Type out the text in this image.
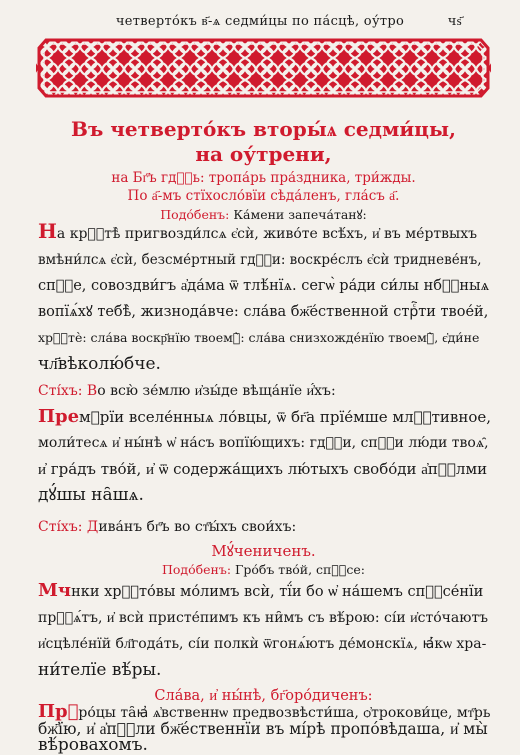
четверто́къ в҃-ѧ седми́цы по па́сцѣ, оу́тро	чѕ҃
Въ четверто́къ вторы́ѧ седми́цы,
на оу́трени,
на Бг҃ъ гдⷭ҇ь: тропа́рь пра́здника, три́жды.
По а҃-мъ стїхосло́вїи сѣда́ленъ, гла́съ а҃.
Подо́бенъ: Ка́мени запеча́танꙋ:
На крⷭ҇тѣ̀ пригвозди́лсѧ є҆сѝ, живо́те всѣ́хъ, и҆ въ ме́ртвыхъ
вмѣни́лсѧ є҆сѝ, безсме́ртный гдⷭ҇и: воскре́слъ є҆сѝ тридневе́нъ,
спⷭ҇е, совоздви́гъ а҆да́ма ѿ тлѣ́нїѧ. сегѡ̀ ра́ди си́лы нбⷭ҇ныѧ
вопїѧ́хꙋ тебѣ̀, жизнода́вче: сла́ва бж҃е́ственной стрⷭ҇ти твое́й,
хрⷭ҇тѐ: сла́ва воскр҃нїю твоемꙋ̀: сла́ва снизхожде́нїю твоемꙋ̀, є҆ди́не
чл҃вѣколю́бче.
Сті́хъ: Во всю̀ зе́млю и҆зы́де вѣща́нїе и҆́хъ:
Премⷣрїи вселе́нныѧ ло́вцы, ѿ бг҃а прїе́мше млⷭ҇тивное,
моли́тесѧ и҆ ны́нѣ ѡ҆ на́съ вопїю́щихъ: гдⷭ҇и, спⷭ҇и лю́ди твоѧ̑,
и҆ гра́дъ тво́й, и҆ ѿ содержа́щихъ лю́тыхъ свобо́ди а҆пⷭ҇лми
дꙋ́шы на̑шѧ.
Сті́хъ: Дива́нъ бг҃ъ во ст҃ы́хъ свои́хъ:
Мꙋ́чениченъ.
Подо́бенъ: Гро́бъ тво́й, спⷭ҇се:
Мчнки хрⷭ҇то́вы мо́лимъ всѝ, тї́и бо ѡ҆ на́шемъ спⷭ҇се́нїи
прⷭ҇ѧ́тъ, и҆ всѝ присте́пимъ къ ни̑мъ съ вѣ́рою: сі́и и҆сто́чаютъ
и҆сцѣле́нїй бл҃года́ть, сі́и полкѝ ѿгонѧ́ютъ де́монскїѧ, ꙗ҆́кѡ хра-
ни́телїе вѣ́ры.
Сла́ва, и҆ ны́нѣ, бг҃оро́диченъ:
Прⷪро́цы та̑ꙗ҆ ѧ҆вственнѡ предвозвѣсти́ша, ѻ҆трокови́це, мт҃рь
бж҃їю, и҆ а҆пⷭ҇ли бж҃е́ственнїи въ мі́рѣ пропо́вѣдаша, и҆ мы̀
вѣ́ровахомъ.
